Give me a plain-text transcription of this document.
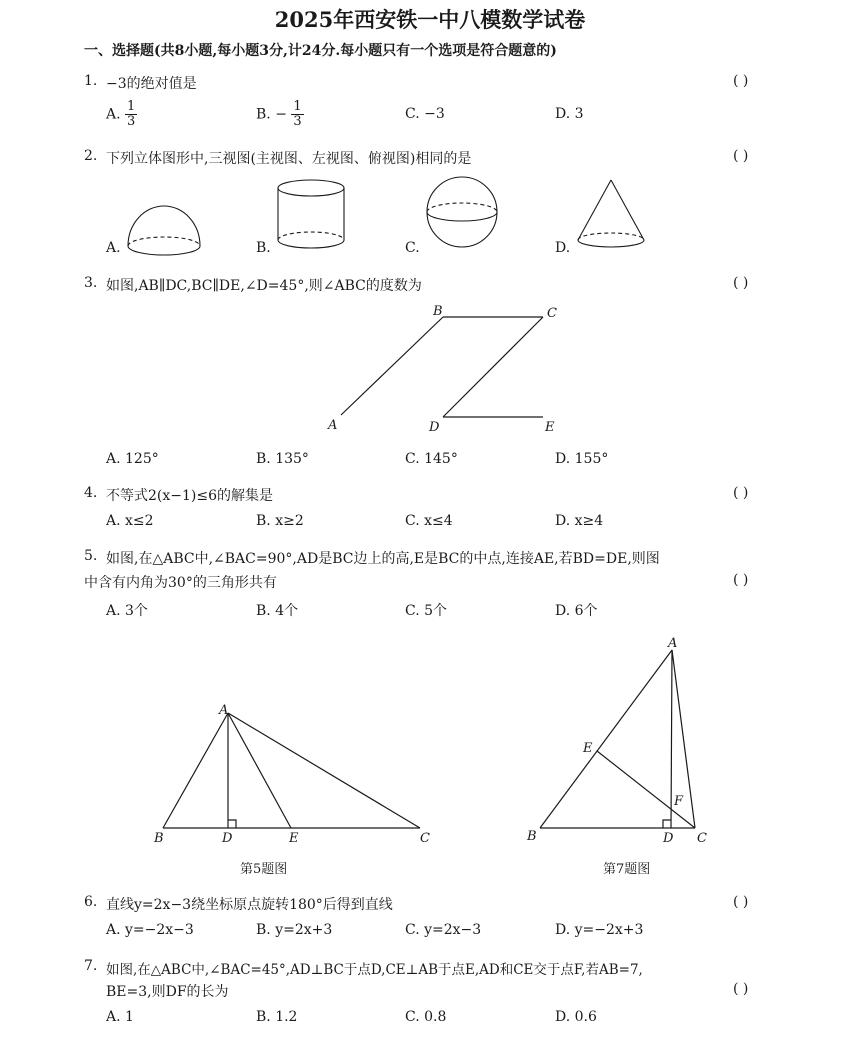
2025年西安铁一中八模数学试卷
一、选择题(共8小题,每小题3分,计24分.每小题只有一个选项是符合题意的)
1. −3的绝对值是	( )
A. $\frac{1}{3}$	B. − $\frac{1}{3}$	C. −3	D. 3
2. 下列立体图形中,三视图(主视图、左视图、俯视图)相同的是	( )
A.	B.	C.	D.
3. 如图,AB∥DC,BC∥DE,∠D=45°,则∠ABC的度数为	( )
A
B	C
D	E
A. 125°	B. 135°	C. 145°	D. 155°
4. 不等式2(x−1)≤6的解集是	( )
A. x≤2	B. x≥2	C. x≤4	D. x≥4
5. 如图,在△ABC中,∠BAC=90°,AD是BC边上的高,E是BC的中点,连接AE,若BD=DE,则图
中含有内角为30°的三角形共有	( )
A. 3个	B. 4个	C. 5个	D. 6个
A
B	D	E	C
A
E
F
B	D C
第5题图	第7题图
6. 直线y=2x−3绕坐标原点旋转180°后得到直线	( )
A. y=−2x−3	B. y=2x+3	C. y=2x−3	D. y=−2x+3
7. 如图,在△ABC中,∠BAC=45°,AD⊥BC于点D,CE⊥AB于点E,AD和CE交于点F,若AB=7,
BE=3,则DF的长为	( )
A. 1	B. 1.2	C. 0.8	D. 0.6
